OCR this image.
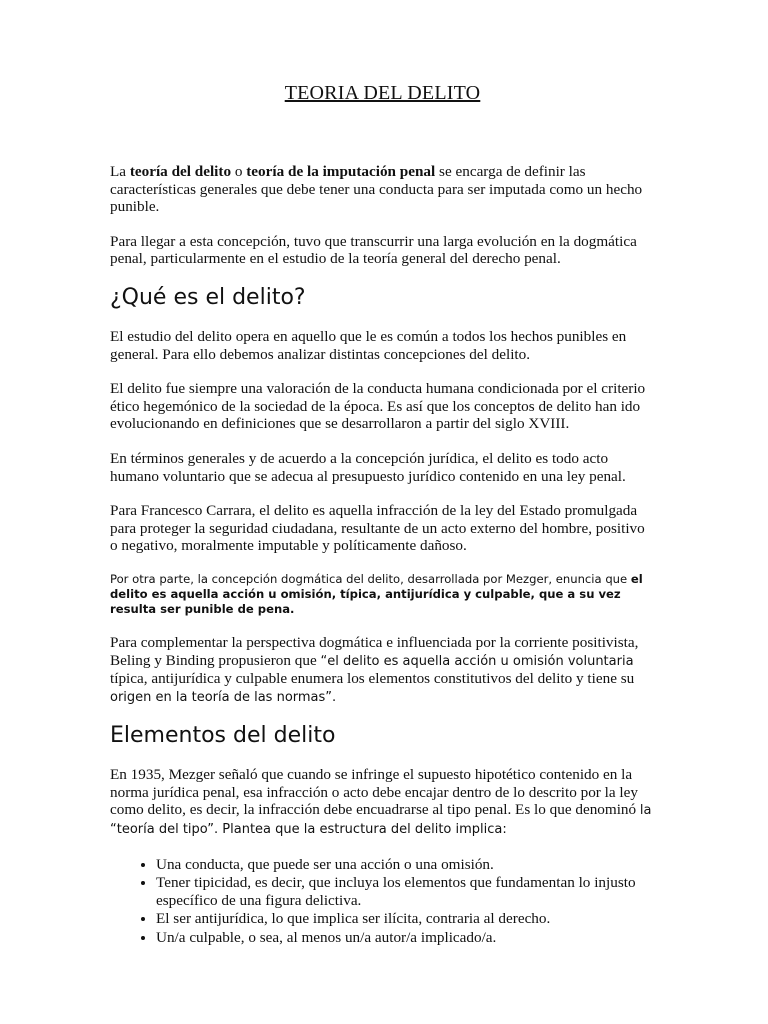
TEORIA DEL DELITO

La teoría del delito o teoría de la imputación penal se encarga de definir las características generales que debe tener una conducta para ser imputada como un hecho punible.

Para llegar a esta concepción, tuvo que transcurrir una larga evolución en la dogmática penal, particularmente en el estudio de la teoría general del derecho penal.

¿Qué es el delito?

El estudio del delito opera en aquello que le es común a todos los hechos punibles en general. Para ello debemos analizar distintas concepciones del delito.

El delito fue siempre una valoración de la conducta humana condicionada por el criterio ético hegemónico de la sociedad de la época. Es así que los conceptos de delito han ido evolucionando en definiciones que se desarrollaron a partir del siglo XVIII.

En términos generales y de acuerdo a la concepción jurídica, el delito es todo acto humano voluntario que se adecua al presupuesto jurídico contenido en una ley penal.

Para Francesco Carrara, el delito es aquella infracción de la ley del Estado promulgada para proteger la seguridad ciudadana, resultante de un acto externo del hombre, positivo o negativo, moralmente imputable y políticamente dañoso.

Por otra parte, la concepción dogmática del delito, desarrollada por Mezger, enuncia que el delito es aquella acción u omisión, típica, antijurídica y culpable, que a su vez resulta ser punible de pena.

Para complementar la perspectiva dogmática e influenciada por la corriente positivista, Beling y Binding propusieron que “el delito es aquella acción u omisión voluntaria típica, antijurídica y culpable enumera los elementos constitutivos del delito y tiene su origen en la teoría de las normas”.

Elementos del delito

En 1935, Mezger señaló que cuando se infringe el supuesto hipotético contenido en la norma jurídica penal, esa infracción o acto debe encajar dentro de lo descrito por la ley como delito, es decir, la infracción debe encuadrarse al tipo penal. Es lo que denominó la “teoría del tipo”. Plantea que la estructura del delito implica:

• Una conducta, que puede ser una acción o una omisión.
• Tener tipicidad, es decir, que incluya los elementos que fundamentan lo injusto específico de una figura delictiva.
• El ser antijurídica, lo que implica ser ilícita, contraria al derecho.
• Un/a culpable, o sea, al menos un/a autor/a implicado/a.
